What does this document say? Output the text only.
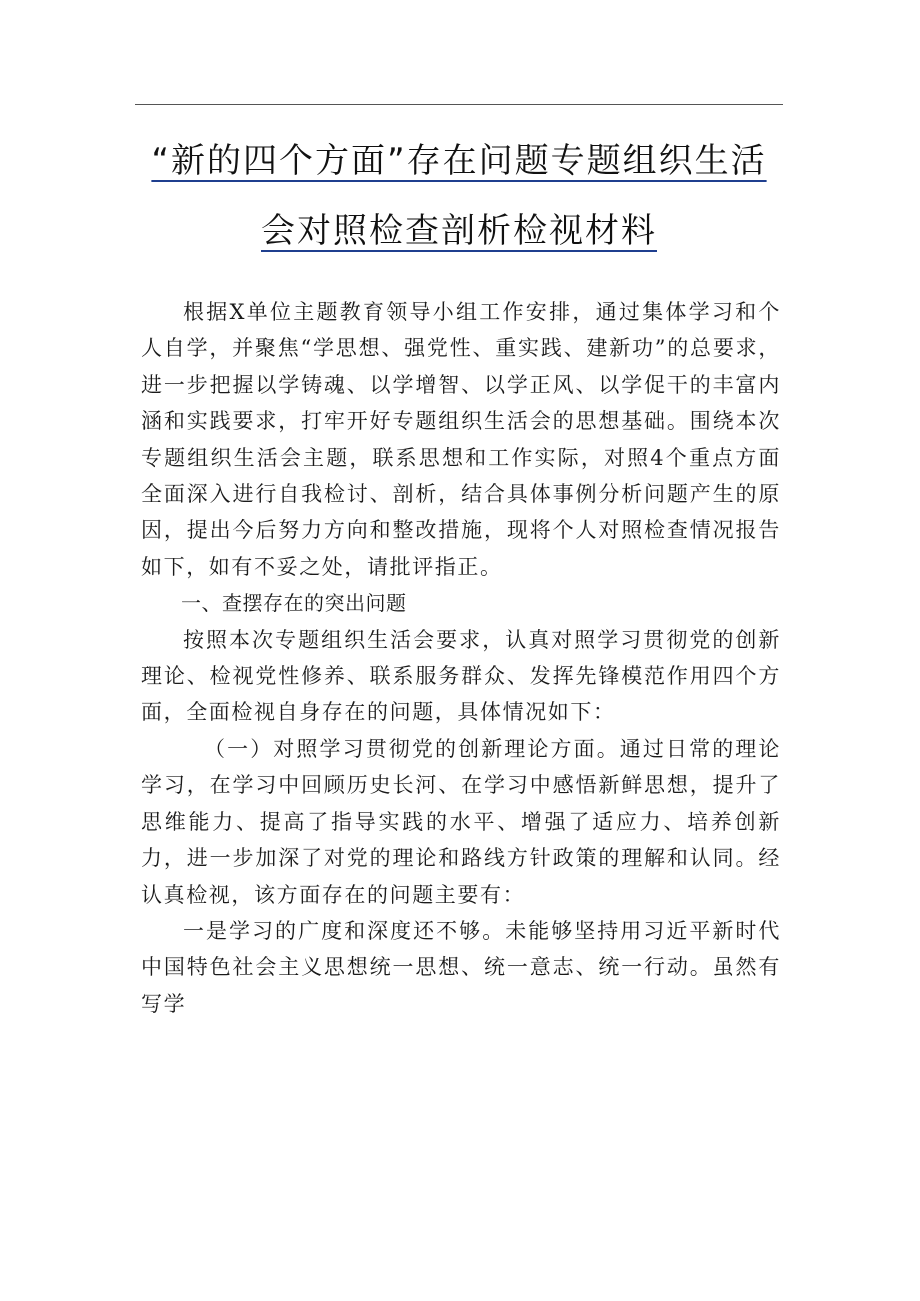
“新的四个方面”存在问题专题组织生活
会对照检查剖析检视材料

根据X单位主题教育领导小组工作安排，通过集体学习和个人自学，并聚焦“学思想、强党性、重实践、建新功”的总要求，进一步把握以学铸魂、以学增智、以学正风、以学促干的丰富内涵和实践要求，打牢开好专题组织生活会的思想基础。围绕本次专题组织生活会主题，联系思想和工作实际，对照4个重点方面全面深入进行自我检讨、剖析，结合具体事例分析问题产生的原因，提出今后努力方向和整改措施，现将个人对照检查情况报告如下，如有不妥之处，请批评指正。

一、查摆存在的突出问题

按照本次专题组织生活会要求，认真对照学习贯彻党的创新理论、检视党性修养、联系服务群众、发挥先锋模范作用四个方面，全面检视自身存在的问题，具体情况如下：

（一）对照学习贯彻党的创新理论方面。通过日常的理论学习，在学习中回顾历史长河、在学习中感悟新鲜思想，提升了思维能力、提高了指导实践的水平、增强了适应力、培养创新力，进一步加深了对党的理论和路线方针政策的理解和认同。经认真检视，该方面存在的问题主要有：

一是学习的广度和深度还不够。未能够坚持用习近平新时代中国特色社会主义思想统一思想、统一意志、统一行动。虽然有写学
